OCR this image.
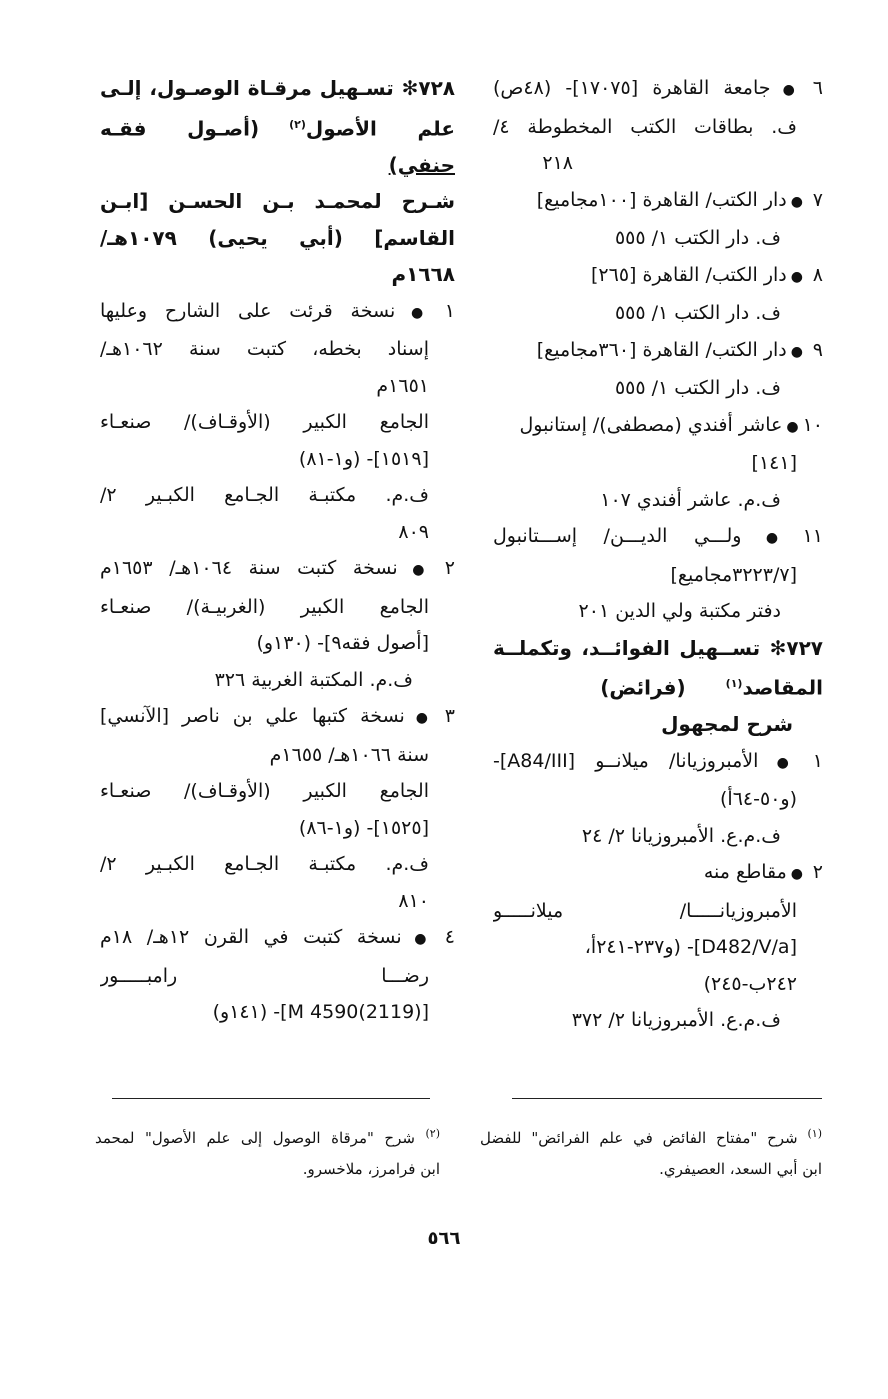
٦●جامعة القاهرة [١٧٠٧٥]- (٤٨ص)
ف. بطاقات الكتب المخطوطة ٤/
٢١٨
٧●دار الكتب/ القاهرة [١٠٠مجاميع]
ف. دار الكتب ١/ ٥٥٥
٨●دار الكتب/ القاهرة [٢٦٥]
ف. دار الكتب ١/ ٥٥٥
٩●دار الكتب/ القاهرة [٣٦٠مجاميع]
ف. دار الكتب ١/ ٥٥٥
١٠●عاشر أفندي (مصطفى)/ إستانبول
[١٤١]
ف.م. عاشر أفندي ١٠٧
١١●ولـــي الديـــن/ إســـتانبول
[٣٢٢٣/٧مجاميع]
دفتر مكتبة ولي الدين ٢٠١
٧٢٧✻ تســهيل الفوائــد، وتكملــة
المقاصد$^{(١)}$(فرائض)
شرح لمجهول
١●الأمبروزيانا/ ميلانــو [A84/III]-
(و٥٠-٦٤أ)
ف.م.ع. الأمبروزيانا ٢/ ٢٤
٢●مقاطع منه
الأمبروزيانـــــا/ ميلانـــــو
[D482/V/a]- (و٢٣٧-٢٤١أ،
٢٤٢ب-٢٤٥)
ف.م.ع. الأمبروزيانا ٢/ ٣٧٢
٧٢٨✻ تسـهيل مرقـاة الوصـول، إلـى
علم الأصول$^{(٢)}$(أصـول فقـه
حنفي)
شـرح لمحمـد بـن الحسـن [ابـن
القاسم] (أبي يحيى) ١٠٧٩هـ/
١٦٦٨م
١●نسخة قرئت على الشارح وعليها
إسناد بخطه، كتبت سنة ١٠٦٢هـ/
١٦٥١م
الجامع الكبير (الأوقـاف)/ صنعـاء
[١٥١٩]- (و١-٨١)
ف.م. مكتبـة الجـامع الكبـير ٢/
٨٠٩
٢●نسخة كتبت سنة ١٠٦٤هـ/ ١٦٥٣م
الجامع الكبير (الغربيـة)/ صنعـاء
[أصول فقه٩]- (١٣٠و)
ف.م. المكتبة الغربية ٣٢٦
٣●نسخة كتبها علي بن ناصر [الآنسي]
سنة ١٠٦٦هـ/ ١٦٥٥م
الجامع الكبير (الأوقـاف)/ صنعـاء
[١٥٢٥]- (و١-٨٦)
ف.م. مكتبـة الجـامع الكبـير ٢/
٨١٠
٤●نسخة كتبت في القرن ١٢هـ/ ١٨م
رضـــا رامبـــــور
[(2119)4590 M]- (١٤١و)
$^{(١)}$ شرح "مفتاح الفائض في علم الفرائض" للفضل
ابن أبي السعد، العصيفري.
$^{(٢)}$ شرح "مرقاة الوصول إلى علم الأصول" لمحمد
ابن فرامرز، ملاخسرو.
٥٦٦
